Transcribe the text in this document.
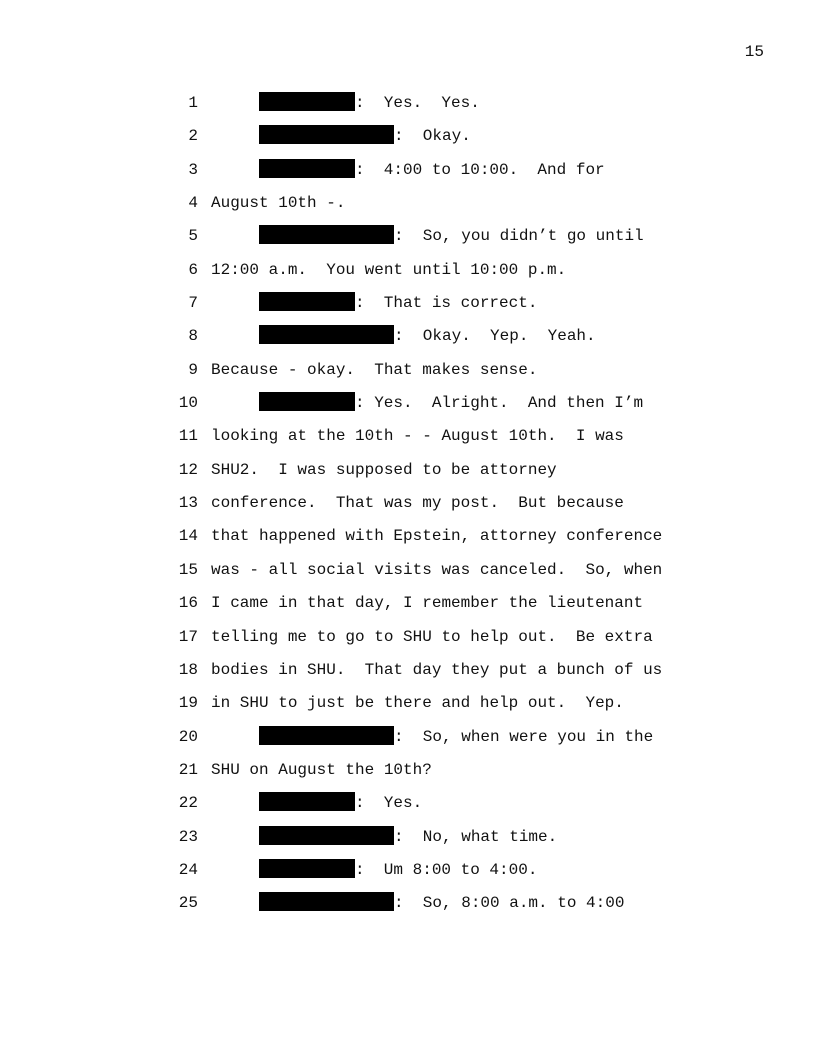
15
1	:  Yes.  Yes.
2	:  Okay.
3	:  4:00 to 10:00.  And for
4 August 10th -.
5	:  So, you didn’t go until
6 12:00 a.m.  You went until 10:00 p.m.
7	:  That is correct.
8	:  Okay.  Yep.  Yeah.
9 Because - okay.  That makes sense.
10	: Yes.  Alright.  And then I’m
11 looking at the 10th - - August 10th.  I was
12 SHU2.  I was supposed to be attorney
13 conference.  That was my post.  But because
14 that happened with Epstein, attorney conference
15 was - all social visits was canceled.  So, when
16 I came in that day, I remember the lieutenant
17 telling me to go to SHU to help out.  Be extra
18 bodies in SHU.  That day they put a bunch of us
19 in SHU to just be there and help out.  Yep.
20	:  So, when were you in the
21 SHU on August the 10th?
22	:  Yes.
23	:  No, what time.
24	:  Um 8:00 to 4:00.
25	:  So, 8:00 a.m. to 4:00
